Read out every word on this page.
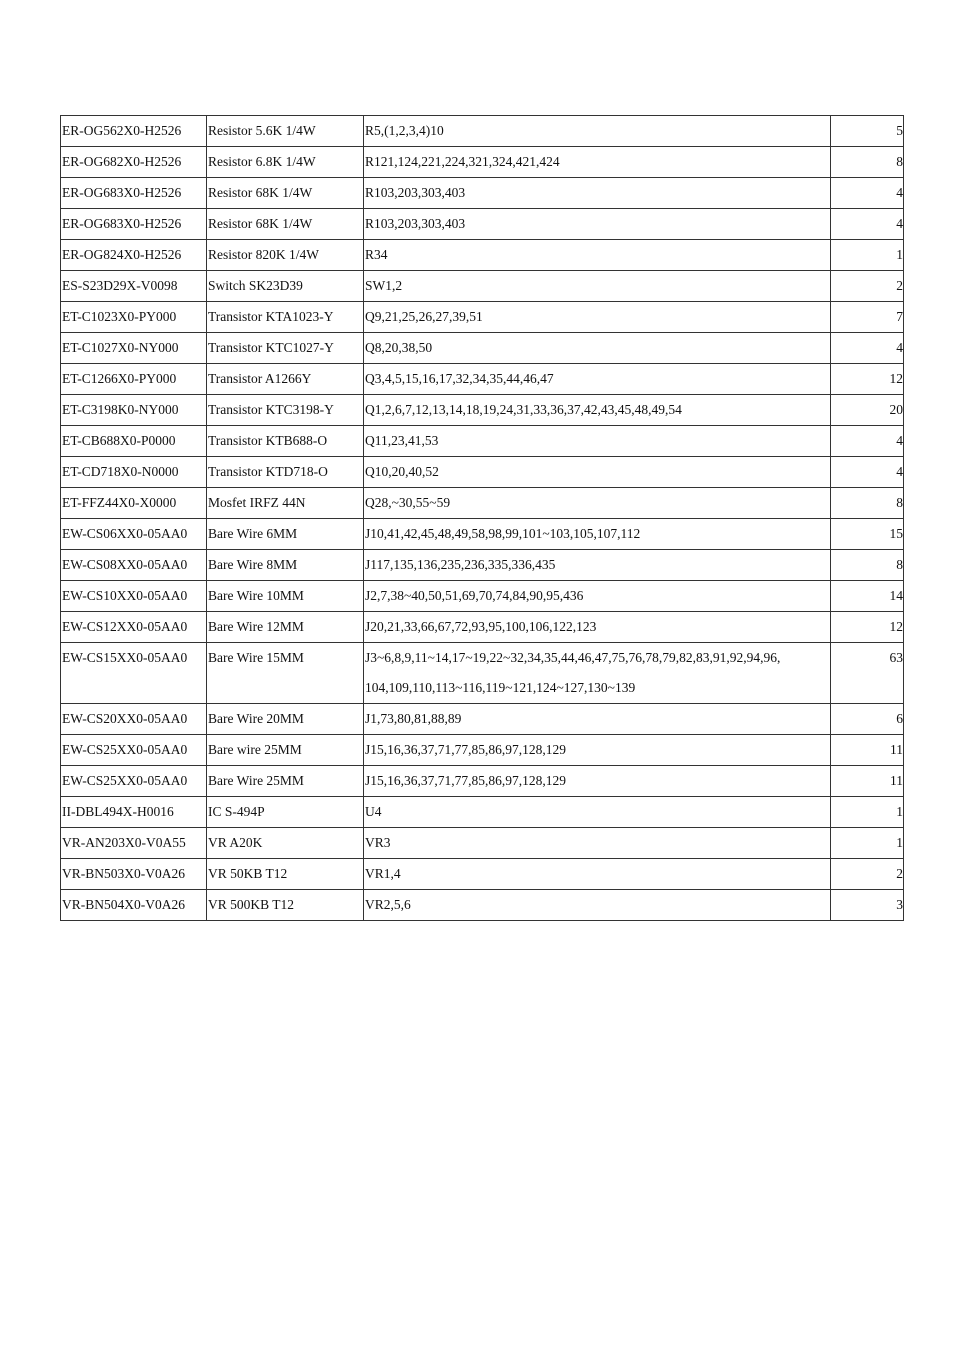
ER-OG562X0-H2526	Resistor 5.6K 1/4W	R5,(1,2,3,4)10	5
ER-OG682X0-H2526	Resistor 6.8K 1/4W	R121,124,221,224,321,324,421,424	8
ER-OG683X0-H2526	Resistor 68K 1/4W	R103,203,303,403	4
ER-OG683X0-H2526	Resistor 68K 1/4W	R103,203,303,403	4
ER-OG824X0-H2526	Resistor 820K 1/4W	R34	1
ES-S23D29X-V0098	Switch SK23D39	SW1,2	2
ET-C1023X0-PY000	Transistor KTA1023-Y	Q9,21,25,26,27,39,51	7
ET-C1027X0-NY000	Transistor KTC1027-Y	Q8,20,38,50	4
ET-C1266X0-PY000	Transistor A1266Y	Q3,4,5,15,16,17,32,34,35,44,46,47	12
ET-C3198K0-NY000	Transistor KTC3198-Y	Q1,2,6,7,12,13,14,18,19,24,31,33,36,37,42,43,45,48,49,54	20
ET-CB688X0-P0000	Transistor KTB688-O	Q11,23,41,53	4
ET-CD718X0-N0000	Transistor KTD718-O	Q10,20,40,52	4
ET-FFZ44X0-X0000	Mosfet IRFZ 44N	Q28,~30,55~59	8
EW-CS06XX0-05AA0	Bare Wire 6MM	J10,41,42,45,48,49,58,98,99,101~103,105,107,112	15
EW-CS08XX0-05AA0	Bare Wire 8MM	J117,135,136,235,236,335,336,435	8
EW-CS10XX0-05AA0	Bare Wire 10MM	J2,7,38~40,50,51,69,70,74,84,90,95,436	14
EW-CS12XX0-05AA0	Bare Wire 12MM	J20,21,33,66,67,72,93,95,100,106,122,123	12
EW-CS15XX0-05AA0	Bare Wire 15MM	J3~6,8,9,11~14,17~19,22~32,34,35,44,46,47,75,76,78,79,82,83,91,92,94,96,	63
		104,109,110,113~116,119~121,124~127,130~139	
EW-CS20XX0-05AA0	Bare Wire 20MM	J1,73,80,81,88,89	6
EW-CS25XX0-05AA0	Bare wire 25MM	J15,16,36,37,71,77,85,86,97,128,129	11
EW-CS25XX0-05AA0	Bare Wire 25MM	J15,16,36,37,71,77,85,86,97,128,129	11
II-DBL494X-H0016	IC S-494P	U4	1
VR-AN203X0-V0A55	VR A20K	VR3	1
VR-BN503X0-V0A26	VR 50KB T12	VR1,4	2
VR-BN504X0-V0A26	VR 500KB T12	VR2,5,6	3
